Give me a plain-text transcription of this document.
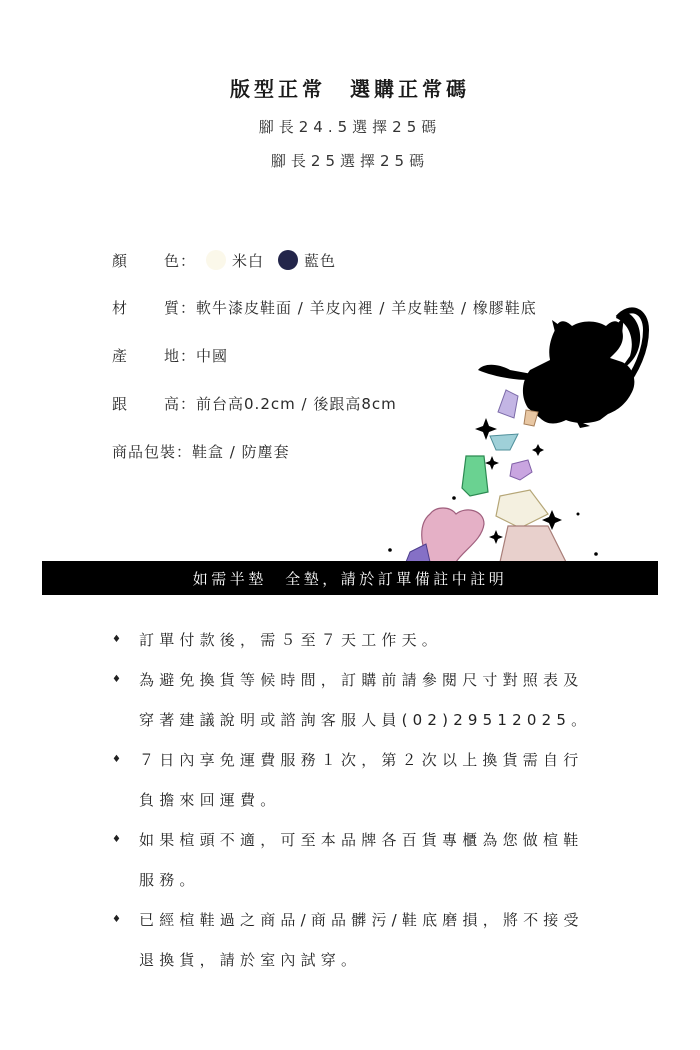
版型正常　選購正常碼
腳長24.5選擇25碼
腳長25選擇25碼
顏 色： 米白	藍色
材 質：軟牛漆皮鞋面 / 羊皮內裡 / 羊皮鞋墊 / 橡膠鞋底
產 地：中國
跟 高：前台高0.2cm / 後跟高8cm
商品包裝：鞋盒 / 防塵套
如需半墊　全墊，請於訂單備註中註明
♦ 訂單付款後，需５至７天工作天。
♦ 為避免換貨等候時間，訂購前請參閱尺寸對照表及穿著建議說明或諮詢客服人員(02)29512025。
♦ ７日內享免運費服務１次，第２次以上換貨需自行負擔來回運費。
♦ 如果楦頭不適，可至本品牌各百貨專櫃為您做楦鞋服務。
♦ 已經楦鞋過之商品/商品髒污/鞋底磨損，將不接受退換貨，請於室內試穿。
